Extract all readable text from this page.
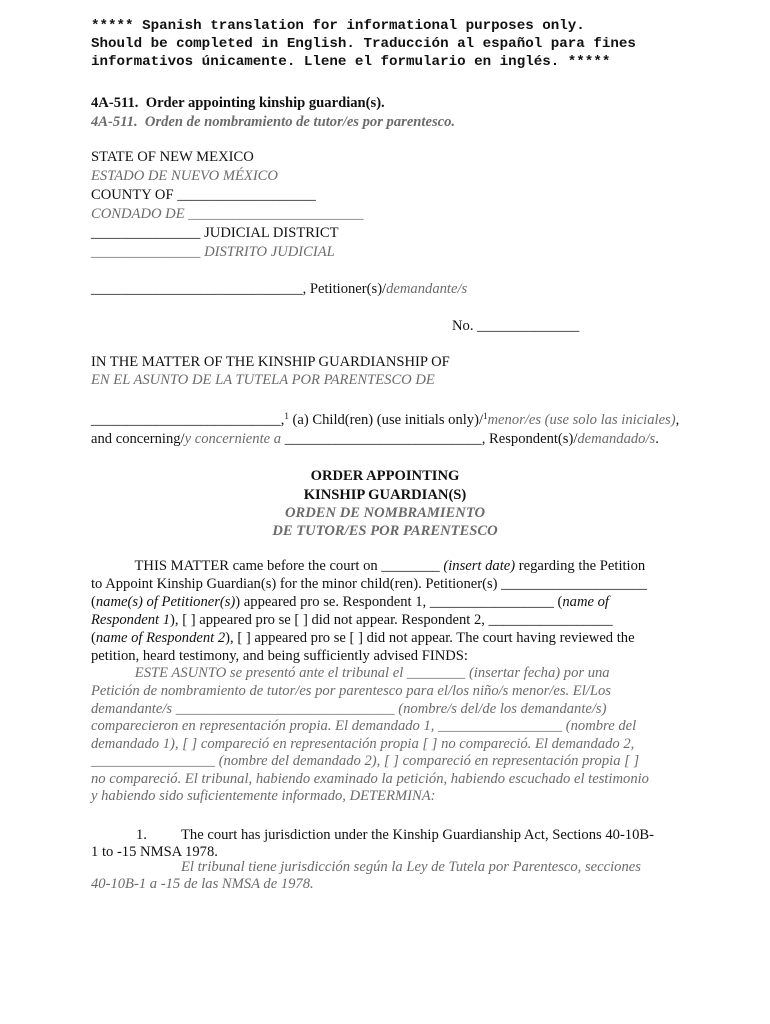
***** Spanish translation for informational purposes only.
Should be completed in English. Traducción al español para fines
informativos únicamente. Llene el formulario en inglés. *****
4A-511.  Order appointing kinship guardian(s).
4A-511.  Orden de nombramiento de tutor/es por parentesco.
STATE OF NEW MEXICO
ESTADO DE NUEVO MÉXICO
COUNTY OF ___________________
CONDADO DE ________________________
_______________ JUDICIAL DISTRICT
_______________ DISTRITO JUDICIAL
_____________________________, Petitioner(s)/demandante/s
No. ______________
IN THE MATTER OF THE KINSHIP GUARDIANSHIP OF
EN EL ASUNTO DE LA TUTELA POR PARENTESCO DE
__________________________,$^1$ (a) Child(ren) (use initials only)/$^1$menor/es (use solo las iniciales),
and concerning/y concerniente a ___________________________, Respondent(s)/demandado/s.
ORDER APPOINTING
KINSHIP GUARDIAN(S)
ORDEN DE NOMBRAMIENTO
DE TUTOR/ES POR PARENTESCO
THIS MATTER came before the court on ________ (insert date) regarding the Petition
to Appoint Kinship Guardian(s) for the minor child(ren). Petitioner(s) ____________________
(name(s) of Petitioner(s)) appeared pro se. Respondent 1, _________________ (name of
Respondent 1), [ ] appeared pro se [ ] did not appear. Respondent 2, _________________
(name of Respondent 2), [ ] appeared pro se [ ] did not appear. The court having reviewed the
petition, heard testimony, and being sufficiently advised FINDS:
ESTE ASUNTO se presentó ante el tribunal el ________ (insertar fecha) por una
Petición de nombramiento de tutor/es por parentesco para el/los niño/s menor/es. El/Los
demandante/s ______________________________ (nombre/s del/de los demandante/s)
comparecieron en representación propia. El demandado 1, _________________ (nombre del
demandado 1), [ ] compareció en representación propia [ ] no compareció. El demandado 2,
_________________ (nombre del demandado 2), [ ] compareció en representación propia [ ]
no compareció. El tribunal, habiendo examinado la petición, habiendo escuchado el testimonio
y habiendo sido suficientemente informado, DETERMINA:
1. The court has jurisdiction under the Kinship Guardianship Act, Sections 40-10B-
1 to -15 NMSA 1978.
El tribunal tiene jurisdicción según la Ley de Tutela por Parentesco, secciones
40-10B-1 a -15 de las NMSA de 1978.
